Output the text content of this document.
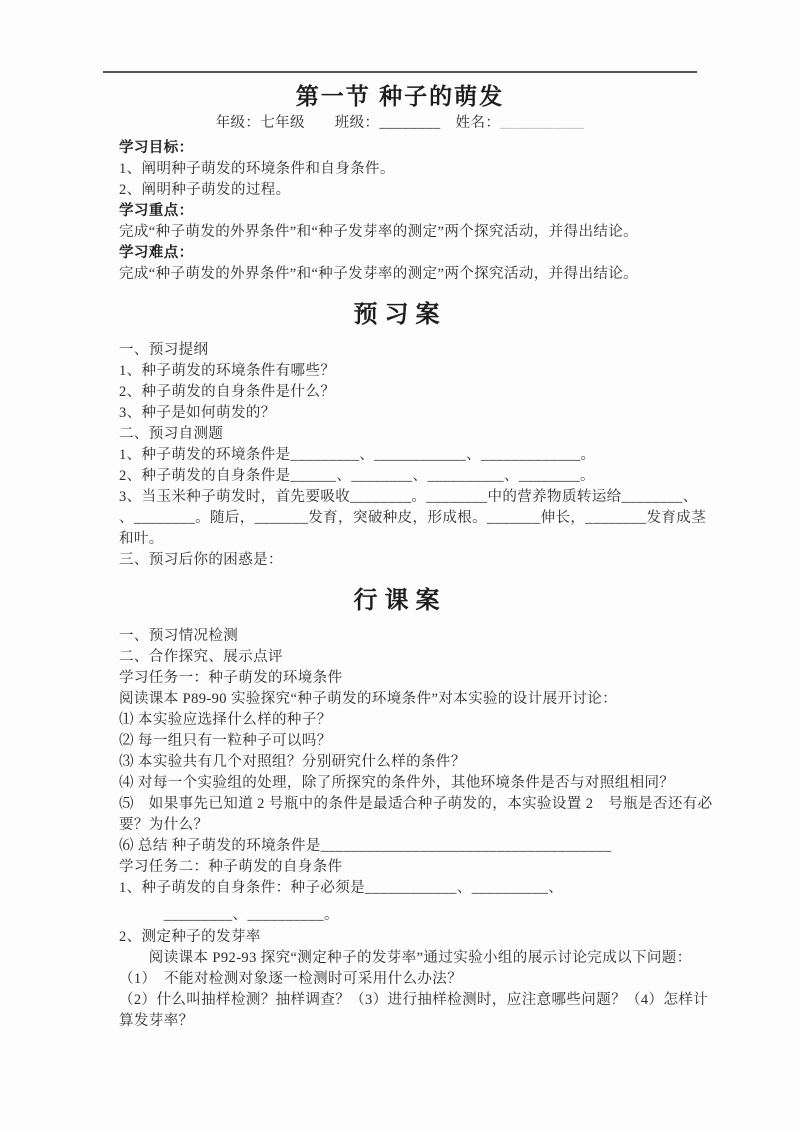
第一节 种子的萌发

年级：七年级　　班级：________　姓名：___________

学习目标：

1、阐明种子萌发的环境条件和自身条件。

2、阐明种子萌发的过程。

学习重点：

完成“种子萌发的外界条件”和“种子发芽率的测定”两个探究活动，并得出结论。

学习难点：

完成“种子萌发的外界条件”和“种子发芽率的测定”两个探究活动，并得出结论。

预习案

一、预习提纲

1、种子萌发的环境条件有哪些？

2、种子萌发的自身条件是什么？

3、种子是如何萌发的？

二、预习自测题

1、种子萌发的环境条件是_________、____________、_____________。

2、种子萌发的自身条件是______、________、__________、________。

3、当玉米种子萌发时，首先要吸收________。________中的营养物质转运给________、

、________。随后，_______发育，突破种皮，形成根。_______伸长，________发育成茎

和叶。

三、预习后你的困惑是：

行课案

一、预习情况检测

二、合作探究、展示点评

学习任务一：种子萌发的环境条件

阅读课本 P89-90 实验探究“种子萌发的环境条件”对本实验的设计展开讨论：

⑴ 本实验应选择什么样的种子？

⑵ 每一组只有一粒种子可以吗？

⑶ 本实验共有几个对照组？分别研究什么样的条件？

⑷ 对每一个实验组的处理，除了所探究的条件外，其他环境条件是否与对照组相同？

⑸　如果事先已知道 2 号瓶中的条件是最适合种子萌发的，本实验设置 2　号瓶是否还有必

要？为什么？

⑹ 总结 种子萌发的环境条件是______________________________________

学习任务二：种子萌发的自身条件

1、种子萌发的自身条件：种子必须是____________、__________、

　　　_________、__________。

2、测定种子的发芽率

　　阅读课本 P92-93 探究“测定种子的发芽率”通过实验小组的展示讨论完成以下问题：

（1）　不能对检测对象逐一检测时可采用什么办法？

（2）什么叫抽样检测？抽样调查？（3）进行抽样检测时，应注意哪些问题？（4）怎样计

算发芽率？
